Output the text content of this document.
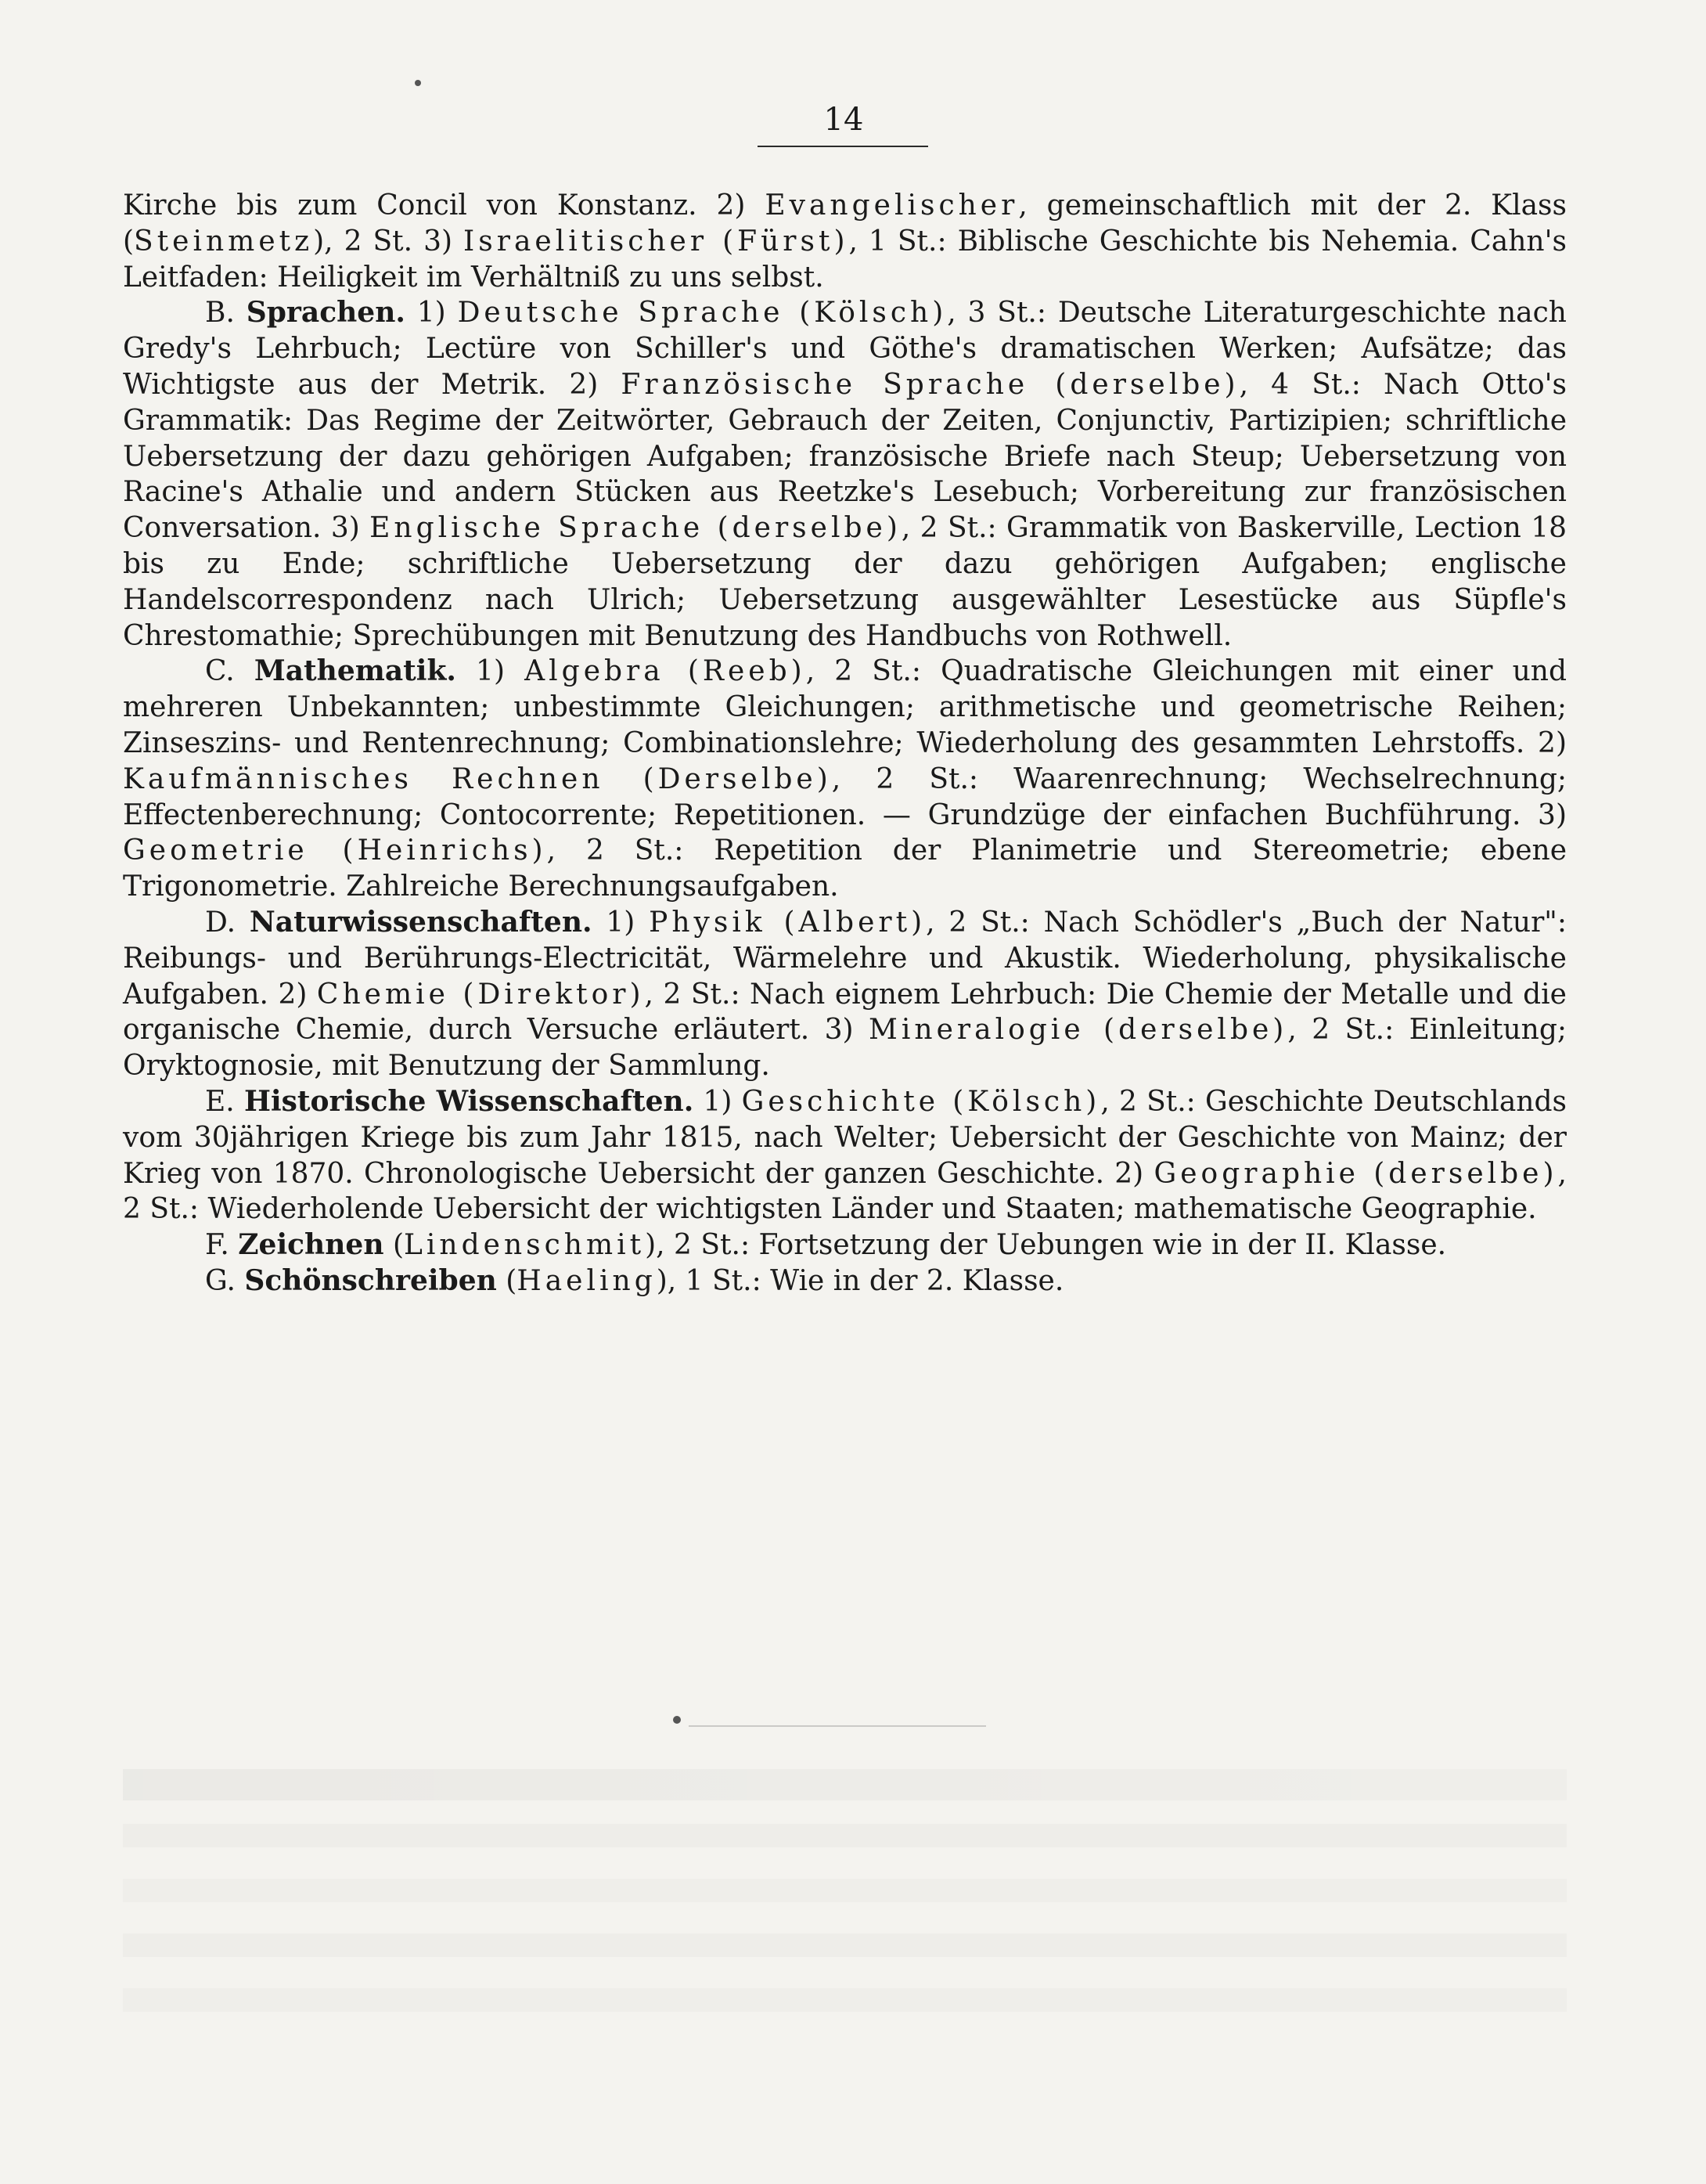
14

Kirche bis zum Concil von Konstanz. 2) Evangelischer, gemeinschaftlich mit der 2. Klass (Steinmetz), 2 St. 3) Israelitischer (Fürst), 1 St.: Biblische Geschichte bis Nehemia. Cahn's Leitfaden: Heiligkeit im Verhältniß zu uns selbst.

B. Sprachen. 1) Deutsche Sprache (Kölsch), 3 St.: Deutsche Literaturgeschichte nach Gredy's Lehrbuch; Lectüre von Schiller's und Göthe's dramatischen Werken; Aufsätze; das Wichtigste aus der Metrik. 2) Französische Sprache (derselbe), 4 St.: Nach Otto's Grammatik: Das Regime der Zeitwörter, Gebrauch der Zeiten, Conjunctiv, Partizipien; schriftliche Uebersetzung der dazu gehörigen Aufgaben; französische Briefe nach Steup; Uebersetzung von Racine's Athalie und andern Stücken aus Reetzke's Lesebuch; Vorbereitung zur französischen Conversation. 3) Englische Sprache (derselbe), 2 St.: Grammatik von Baskerville, Lection 18 bis zu Ende; schriftliche Uebersetzung der dazu gehörigen Aufgaben; englische Handelscorrespondenz nach Ulrich; Uebersetzung ausgewählter Lesestücke aus Süpfle's Chrestomathie; Sprechübungen mit Benutzung des Handbuchs von Rothwell.

C. Mathematik. 1) Algebra (Reeb), 2 St.: Quadratische Gleichungen mit einer und mehreren Unbekannten; unbestimmte Gleichungen; arithmetische und geometrische Reihen; Zinseszins- und Rentenrechnung; Combinationslehre; Wiederholung des gesammten Lehrstoffs. 2) Kaufmännisches Rechnen (Derselbe), 2 St.: Waarenrechnung; Wechselrechnung; Effectenberechnung; Contocorrente; Repetitionen. — Grundzüge der einfachen Buchführung. 3) Geometrie (Heinrichs), 2 St.: Repetition der Planimetrie und Stereometrie; ebene Trigonometrie. Zahlreiche Berechnungsaufgaben.

D. Naturwissenschaften. 1) Physik (Albert), 2 St.: Nach Schödler's „Buch der Natur": Reibungs- und Berührungs-Electricität, Wärmelehre und Akustik. Wiederholung, physikalische Aufgaben. 2) Chemie (Direktor), 2 St.: Nach eignem Lehrbuch: Die Chemie der Metalle und die organische Chemie, durch Versuche erläutert. 3) Mineralogie (derselbe), 2 St.: Einleitung; Oryktognosie, mit Benutzung der Sammlung.

E. Historische Wissenschaften. 1) Geschichte (Kölsch), 2 St.: Geschichte Deutschlands vom 30jährigen Kriege bis zum Jahr 1815, nach Welter; Uebersicht der Geschichte von Mainz; der Krieg von 1870. Chronologische Uebersicht der ganzen Geschichte. 2) Geographie (derselbe), 2 St.: Wiederholende Uebersicht der wichtigsten Länder und Staaten; mathematische Geographie.

F. Zeichnen (Lindenschmit), 2 St.: Fortsetzung der Uebungen wie in der II. Klasse.

G. Schönschreiben (Haeling), 1 St.: Wie in der 2. Klasse.
